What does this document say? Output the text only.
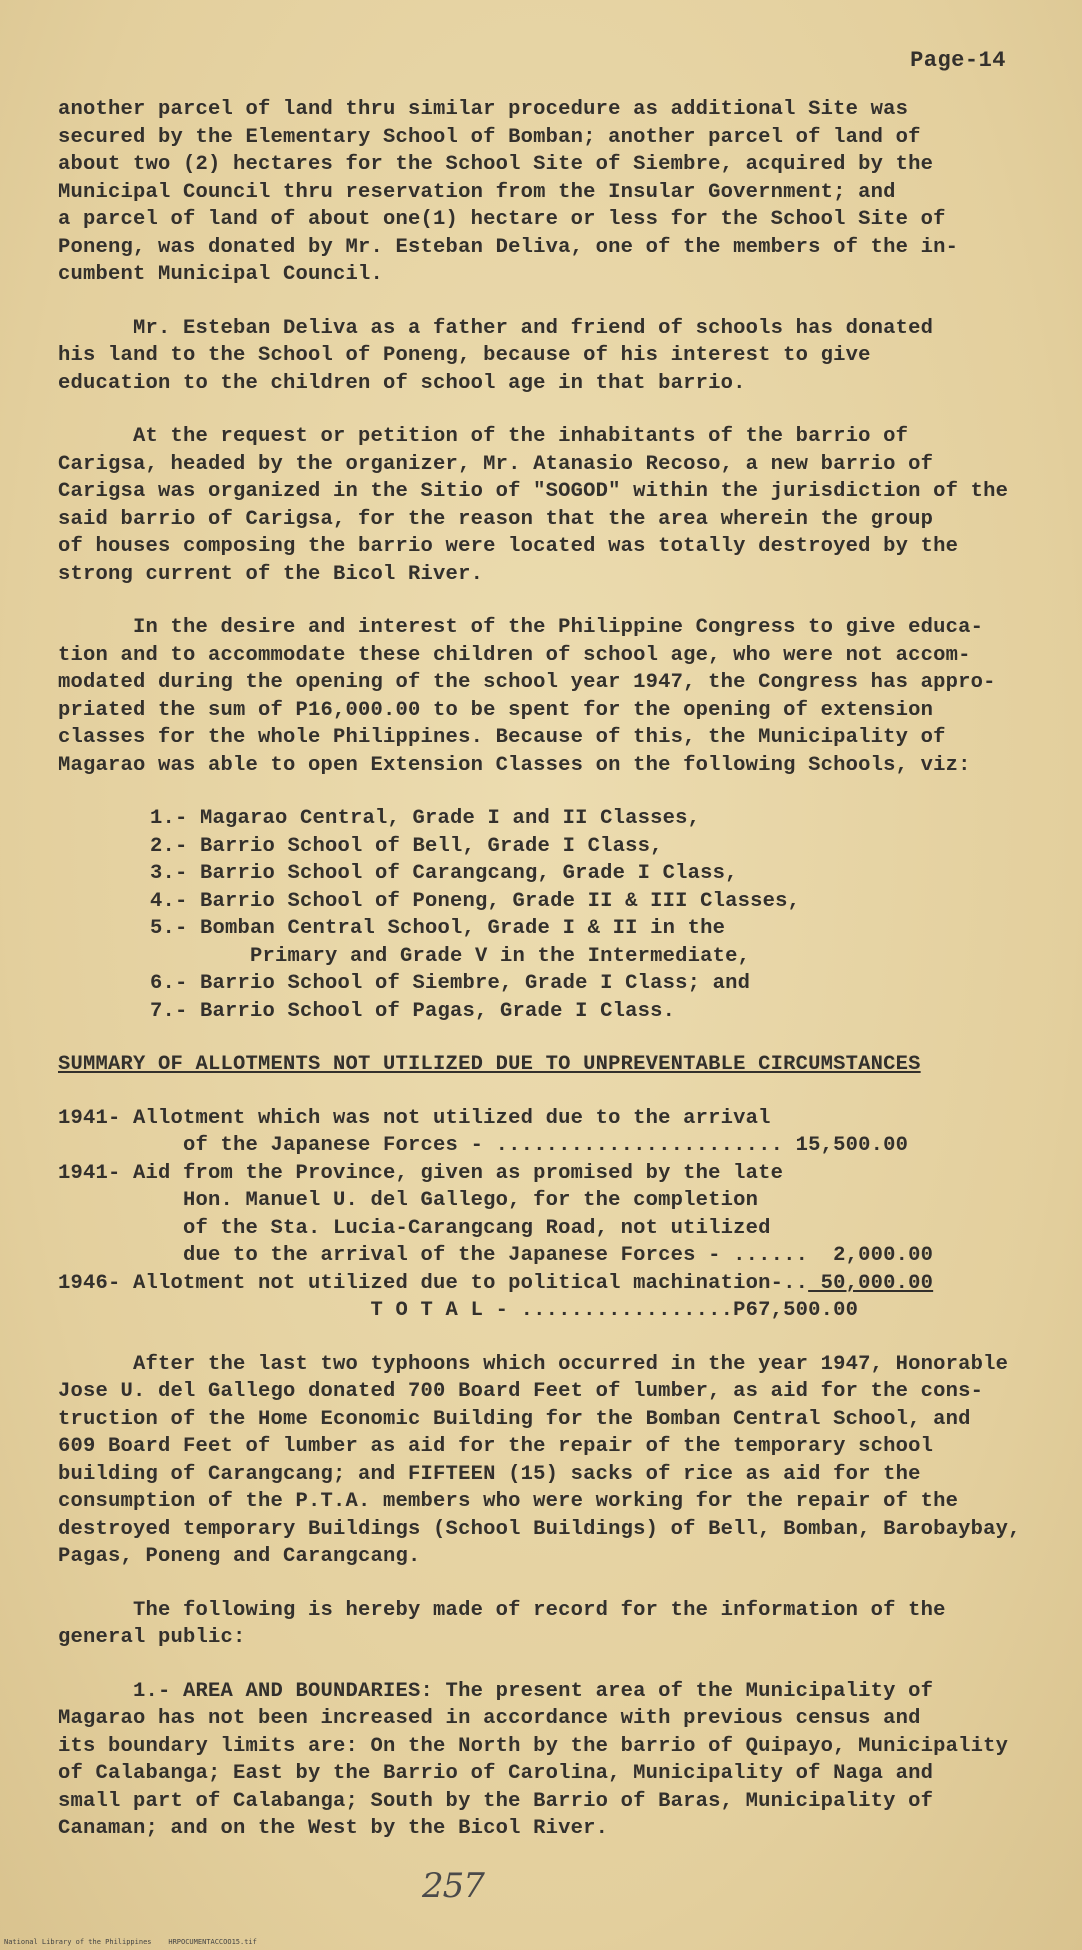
Page-14

another parcel of land thru similar procedure as additional Site was

secured by the Elementary School of Bomban; another parcel of land of

about two (2) hectares for the School Site of Siembre, acquired by the

Municipal Council thru reservation from the Insular Government; and

a parcel of land of about one(1) hectare or less for the School Site of

Poneng, was donated by Mr. Esteban Deliva, one of the members of the in-

cumbent Municipal Council.

Mr. Esteban Deliva as a father and friend of schools has donated

his land to the School of Poneng, because of his interest to give

education to the children of school age in that barrio.

At the request or petition of the inhabitants of the barrio of

Carigsa, headed by the organizer, Mr. Atanasio Recoso, a new barrio of

Carigsa was organized in the Sitio of "SOGOD" within the jurisdiction of the

said barrio of Carigsa, for the reason that the area wherein the group

of houses composing the barrio were located was totally destroyed by the

strong current of the Bicol River.

In the desire and interest of the Philippine Congress to give educa-

tion and to accommodate these children of school age, who were not accom-

modated during the opening of the school year 1947, the Congress has appro-

priated the sum of P16,000.00 to be spent for the opening of extension

classes for the whole Philippines. Because of this, the Municipality of

Magarao was able to open Extension Classes on the following Schools, viz:

1.- Magarao Central, Grade I and II Classes,

2.- Barrio School of Bell, Grade I Class,

3.- Barrio School of Carangcang, Grade I Class,

4.- Barrio School of Poneng, Grade II & III Classes,

5.- Bomban Central School, Grade I & II in the

Primary and Grade V in the Intermediate,

6.- Barrio School of Siembre, Grade I Class; and

7.- Barrio School of Pagas, Grade I Class.

SUMMARY OF ALLOTMENTS NOT UTILIZED DUE TO UNPREVENTABLE CIRCUMSTANCES

1941- Allotment which was not utilized due to the arrival

of the Japanese Forces - ....................... 15,500.00

1941- Aid from the Province, given as promised by the late

Hon. Manuel U. del Gallego, for the completion

of the Sta. Lucia-Carangcang Road, not utilized

due to the arrival of the Japanese Forces - ......  2,000.00

1946- Allotment not utilized due to political machination-.. 50,000.00

T O T A L - .................P67,500.00

After the last two typhoons which occurred in the year 1947, Honorable

Jose U. del Gallego donated 700 Board Feet of lumber, as aid for the cons-

truction of the Home Economic Building for the Bomban Central School, and

609 Board Feet of lumber as aid for the repair of the temporary school

building of Carangcang; and FIFTEEN (15) sacks of rice as aid for the

consumption of the P.T.A. members who were working for the repair of the

destroyed temporary Buildings (School Buildings) of Bell, Bomban, Barobaybay,

Pagas, Poneng and Carangcang.

The following is hereby made of record for the information of the

general public:

1.- AREA AND BOUNDARIES: The present area of the Municipality of

Magarao has not been increased in accordance with previous census and

its boundary limits are: On the North by the barrio of Quipayo, Municipality

of Calabanga; East by the Barrio of Carolina, Municipality of Naga and

small part of Calabanga; South by the Barrio of Baras, Municipality of

Canaman; and on the West by the Bicol River.

257
National Library of the Philippines    HRPOCUMENTACCOO15.tif
